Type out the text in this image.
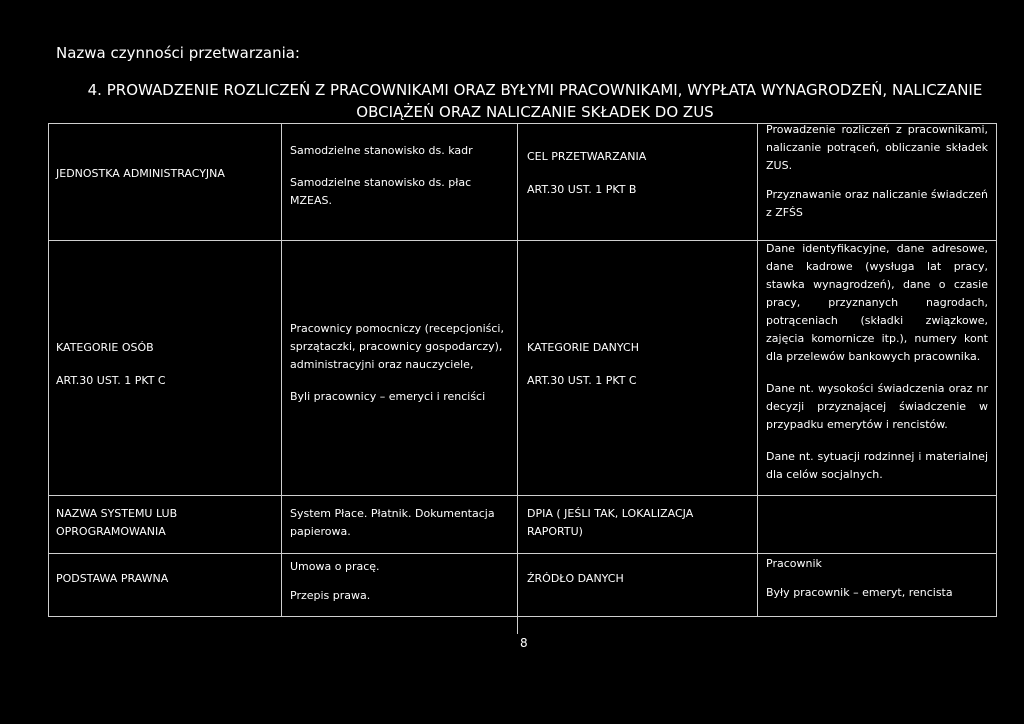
Nazwa czynności przetwarzania:
4. PROWADZENIE ROZLICZEŃ Z PRACOWNIKAMI ORAZ BYŁYMI PRACOWNIKAMI, WYPŁATA WYNAGRODZEŃ, NALICZANIE
OBCIĄŻEŃ ORAZ NALICZANIE SKŁADEK DO ZUS

JEDNOSTKA ADMINISTRACYJNA

Samodzielne stanowisko ds. kadr

Samodzielne stanowisko ds. płac

MZEAS.

CEL PRZETWARZANIA

ART.30 UST. 1 PKT B

Prowadzenie rozliczeń z pracownikami, naliczanie potrąceń, obliczanie składek ZUS.

Przyznawanie oraz naliczanie świadczeń z ZFŚS

KATEGORIE OSÓB

ART.30 UST. 1 PKT C

Pracownicy pomocniczy (recepcjoniści, sprzątaczki, pracownicy gospodarczy), administracyjni oraz nauczyciele,

Byli pracownicy – emeryci i renciści

KATEGORIE DANYCH

ART.30 UST. 1 PKT C

Dane identyfikacyjne, dane adresowe, dane kadrowe (wysługa lat pracy, stawka wynagrodzeń), dane o czasie pracy, przyznanych nagrodach, potrąceniach (składki związkowe, zajęcia komornicze itp.), numery kont dla przelewów bankowych pracownika.

Dane nt. wysokości świadczenia oraz nr decyzji przyznającej świadczenie w przypadku emerytów i rencistów.

Dane nt. sytuacji rodzinnej i materialnej dla celów socjalnych.

NAZWA SYSTEMU LUB OPROGRAMOWANIA
System Płace. Płatnik. Dokumentacja papierowa.
DPIA ( JEŚLI TAK, LOKALIZACJA RAPORTU)
PODSTAWA PRAWNA

Umowa o pracę.

Przepis prawa.

ŹRÓDŁO DANYCH

Pracownik

Były pracownik – emeryt, rencista

8
